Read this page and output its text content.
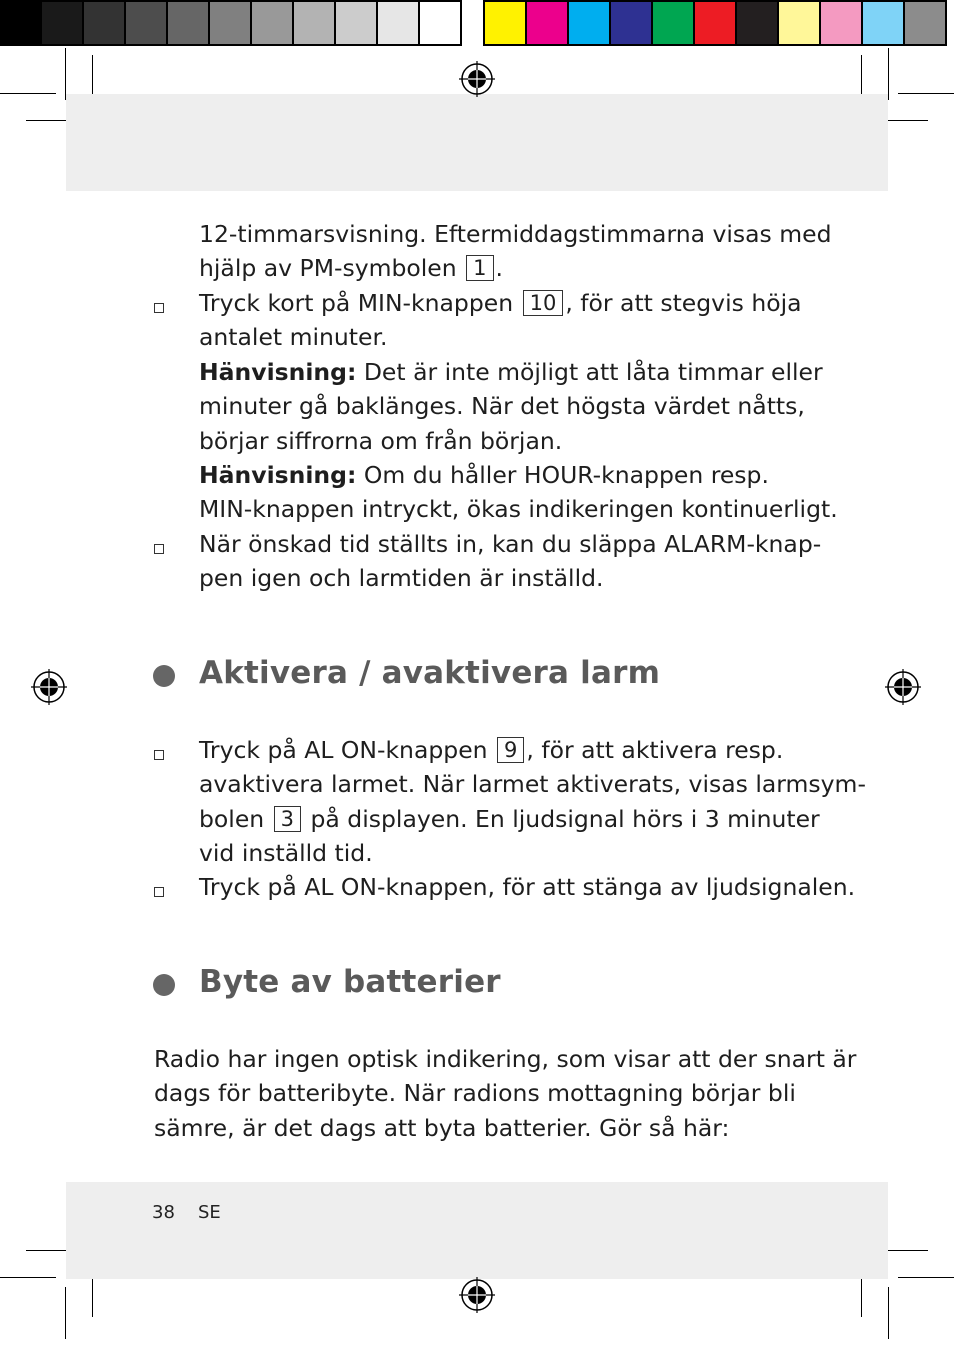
12-timmarsvisning. Eftermiddagstimmarna visas med
hjälp av PM-symbolen 1 .

Tryck kort på MIN-knappen 10 , för att stegvis höja
antalet minuter.
Hänvisning: Det är inte möjligt att låta timmar eller
minuter gå baklänges. När det högsta värdet nåtts,
börjar siffrorna om från början.
Hänvisning: Om du håller HOUR-knappen resp.
MIN-knappen intryckt, ökas indikeringen kontinuerligt.

När önskad tid ställts in, kan du släppa ALARM-knap-
pen igen och larmtiden är inställd.

Aktivera / avaktivera larm

Tryck på AL ON-knappen 9 , för att aktivera resp.
avaktivera larmet. När larmet aktiverats, visas larmsym-
bolen 3 på displayen. En ljudsignal hörs i 3 minuter
vid inställd tid.

Tryck på AL ON-knappen, för att stänga av ljudsignalen.

Byte av batterier

Radio har ingen optisk indikering, som visar att der snart är
dags för batteribyte. När radions mottagning börjar bli
sämre, är det dags att byta batterier. Gör så här:

38 SE
